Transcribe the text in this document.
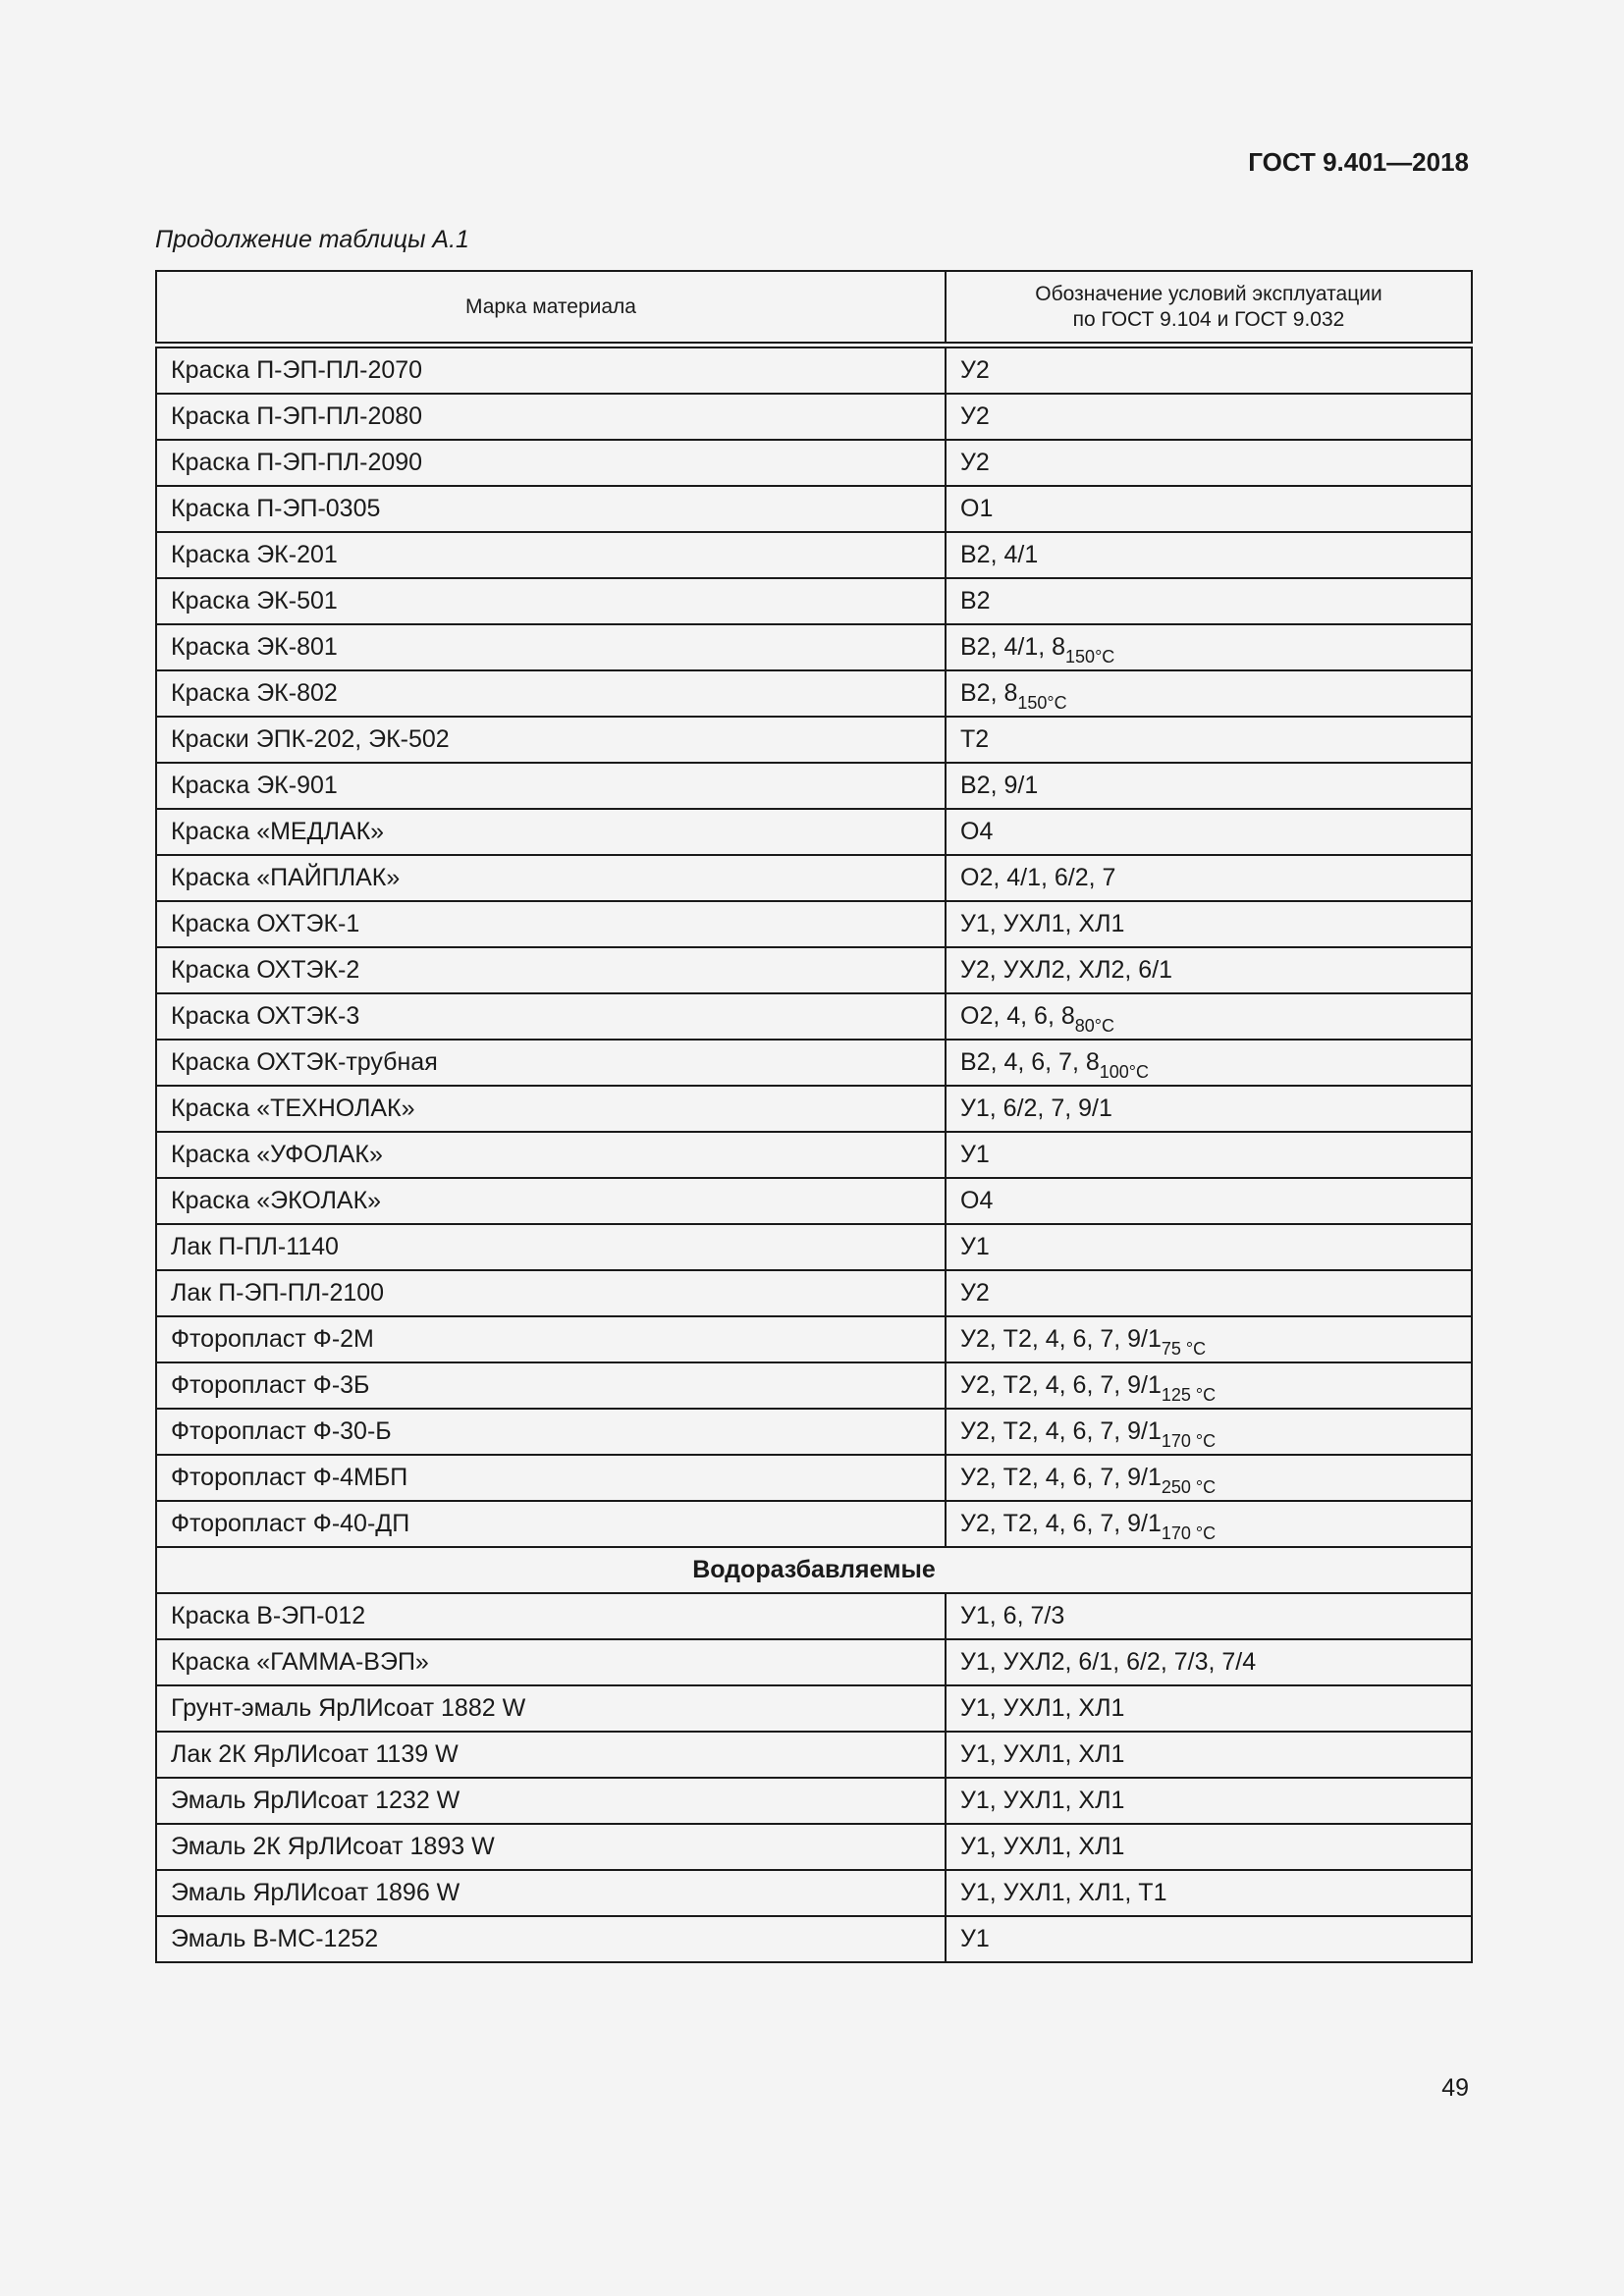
ГОСТ 9.401—2018

Продолжение таблицы А.1

Марка материала	Обозначение условий эксплуатации
по ГОСТ 9.104 и ГОСТ 9.032

Краска П-ЭП-ПЛ-2070	У2
Краска П-ЭП-ПЛ-2080	У2
Краска П-ЭП-ПЛ-2090	У2
Краска П-ЭП-0305	О1
Краска ЭК-201	В2, 4/1
Краска ЭК-501	В2
Краска ЭК-801	В2, 4/1, $8_{150^\circ С}$
Краска ЭК-802	В2, $8_{150^\circ С}$
Краски ЭПК-202, ЭК-502	Т2
Краска ЭК-901	В2, 9/1
Краска «МЕДЛАК»	О4
Краска «ПАЙПЛАК»	О2, 4/1, 6/2, 7
Краска ОХТЭК-1	У1, УХЛ1, ХЛ1
Краска ОХТЭК-2	У2, УХЛ2, ХЛ2, 6/1
Краска ОХТЭК-3	О2, 4, 6, $8_{80^\circ С}$
Краска ОХТЭК-трубная	В2, 4, 6, 7, $8_{100^\circ С}$
Краска «ТЕХНОЛАК»	У1, 6/2, 7, 9/1
Краска «УФОЛАК»	У1
Краска «ЭКОЛАК»	О4
Лак П-ПЛ-1140	У1
Лак П-ЭП-ПЛ-2100	У2
Фторопласт Ф-2М	У2, Т2, 4, 6, 7, $9/1_{75 ^\circ С}$
Фторопласт Ф-3Б	У2, Т2, 4, 6, 7, $9/1_{125 ^\circ С}$
Фторопласт Ф-30-Б	У2, Т2, 4, 6, 7, $9/1_{170 ^\circ С}$
Фторопласт Ф-4МБП	У2, Т2, 4, 6, 7, $9/1_{250 ^\circ С}$
Фторопласт Ф-40-ДП	У2, Т2, 4, 6, 7, $9/1_{170 ^\circ С}$
Водоразбавляемые	
Краска В-ЭП-012	У1, 6, 7/3
Краска «ГАММА-ВЭП»	У1, УХЛ2, 6/1, 6/2, 7/3, 7/4
Грунт-эмаль ЯрЛИсоат 1882 W	У1, УХЛ1, ХЛ1
Лак 2К ЯрЛИсоат 1139 W	У1, УХЛ1, ХЛ1
Эмаль ЯрЛИсоат 1232 W	У1, УХЛ1, ХЛ1
Эмаль 2К ЯрЛИсоат 1893 W	У1, УХЛ1, ХЛ1
Эмаль ЯрЛИсоат 1896 W	У1, УХЛ1, ХЛ1, Т1
Эмаль В-МС-1252	У1

49
